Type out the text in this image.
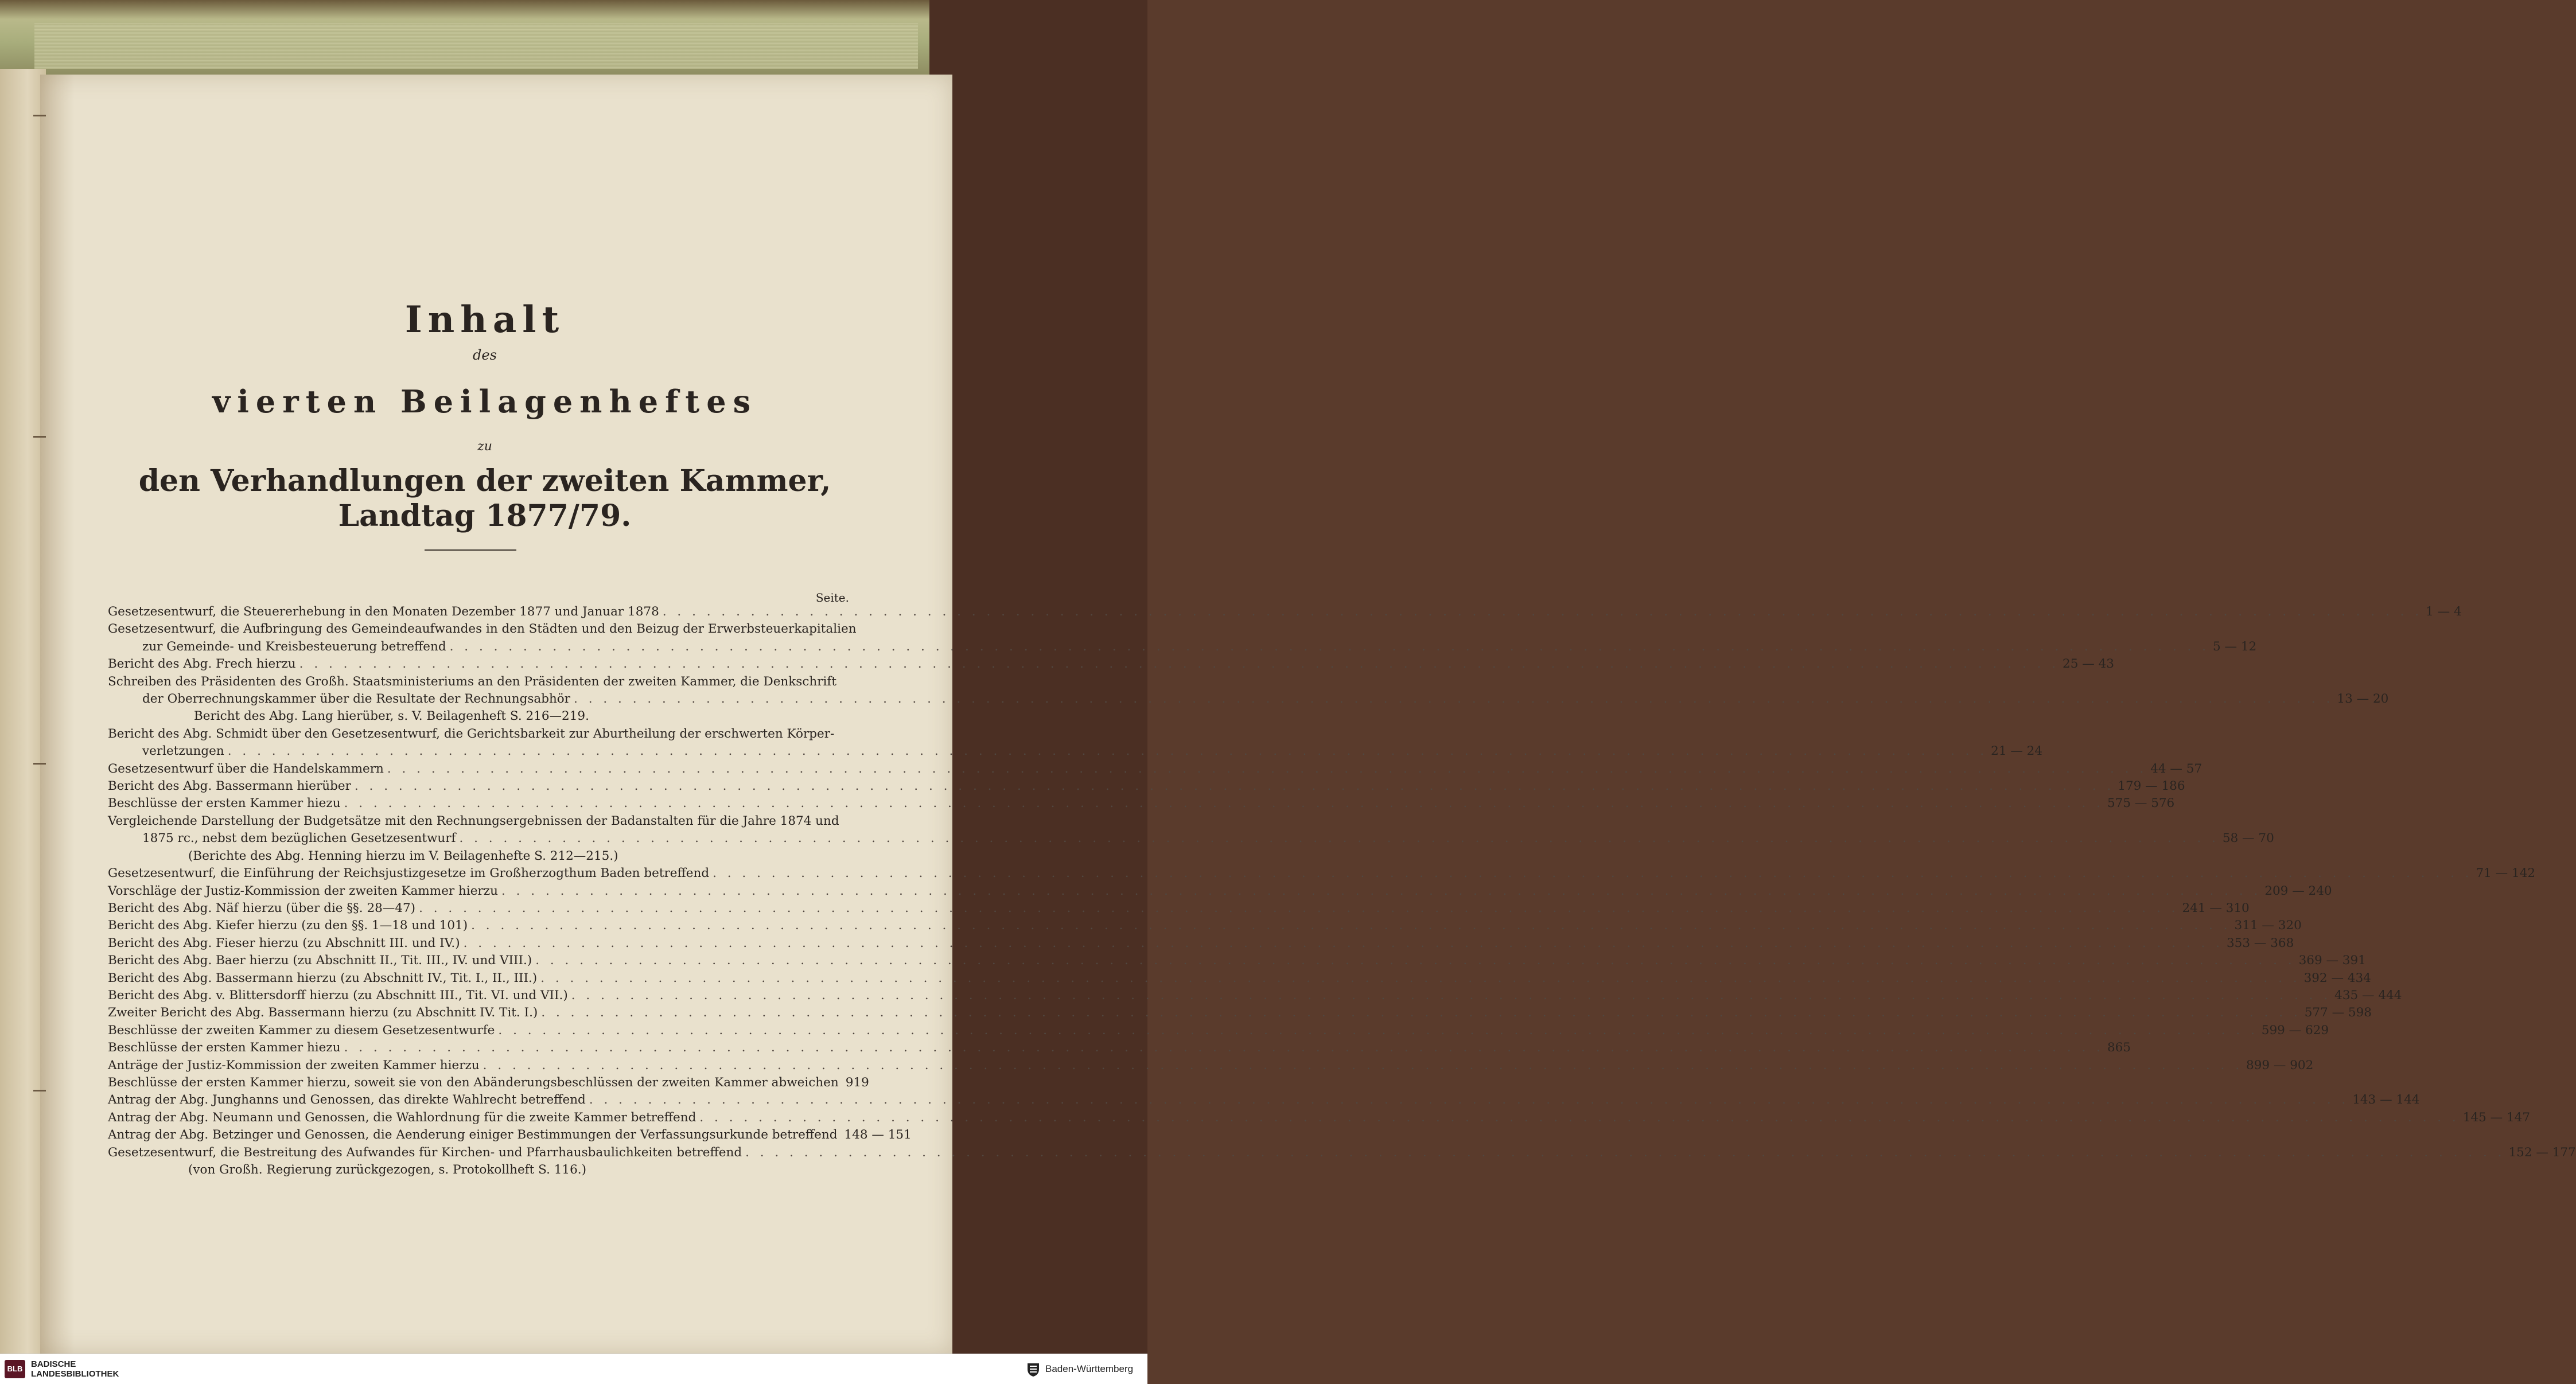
Inhalt
des
vierten Beilagenheftes
zu
den Verhandlungen der zweiten Kammer, Landtag 1877/79.
Seite.
Gesetzesentwurf, die Steuererhebung in den Monaten Dezember 1877 und Januar 1878 . . . . . . . . . . . . . . . . . . . . . . . . . . . . . . . . . . . . . . . . . . . . . . . . . . . . . . . . . . . . . . . . . . . . . . . . . . . . . . . . . . . . . . . . . . . . . . . . . . . . . . . . . . . . . . . . . . . . . . . . 1 — 4
Gesetzesentwurf, die Aufbringung des Gemeindeaufwandes in den Städten und den Beizug der Erwerbsteuerkapitalien
zur Gemeinde- und Kreisbesteuerung betreffend . . . . . . . . . . . . . . . . . . . . . . . . . . . . . . . . . . . . . . . . . . . . . . . . . . . . . . . . . . . . . . . . . . . . . . . . . . . . . . . . . . . . . . . . . . . . . . . . . . . . . . . . . . . . . . . . . . . . . . . . 5 — 12
Bericht des Abg. Frech hierzu . . . . . . . . . . . . . . . . . . . . . . . . . . . . . . . . . . . . . . . . . . . . . . . . . . . . . . . . . . . . . . . . . . . . . . . . . . . . . . . . . . . . . . . . . . . . . . . . . . . . . . . . . . . . . . . . . . . . . . . . 25 — 43
Schreiben des Präsidenten des Großh. Staatsministeriums an den Präsidenten der zweiten Kammer, die Denkschrift
der Oberrechnungskammer über die Resultate der Rechnungsabhör . . . . . . . . . . . . . . . . . . . . . . . . . . . . . . . . . . . . . . . . . . . . . . . . . . . . . . . . . . . . . . . . . . . . . . . . . . . . . . . . . . . . . . . . . . . . . . . . . . . . . . . . . . . . . . . . . . . . . . . . 13 — 20
Bericht des Abg. Lang hierüber, s. V. Beilagenheft S. 216—219.
Bericht des Abg. Schmidt über den Gesetzesentwurf, die Gerichtsbarkeit zur Aburtheilung der erschwerten Körper-
verletzungen . . . . . . . . . . . . . . . . . . . . . . . . . . . . . . . . . . . . . . . . . . . . . . . . . . . . . . . . . . . . . . . . . . . . . . . . . . . . . . . . . . . . . . . . . . . . . . . . . . . . . . . . . . . . . . . . . . . . . . . . 21 — 24
Gesetzesentwurf über die Handelskammern . . . . . . . . . . . . . . . . . . . . . . . . . . . . . . . . . . . . . . . . . . . . . . . . . . . . . . . . . . . . . . . . . . . . . . . . . . . . . . . . . . . . . . . . . . . . . . . . . . . . . . . . . . . . . . . . . . . . . . . . 44 — 57
Bericht des Abg. Bassermann hierüber . . . . . . . . . . . . . . . . . . . . . . . . . . . . . . . . . . . . . . . . . . . . . . . . . . . . . . . . . . . . . . . . . . . . . . . . . . . . . . . . . . . . . . . . . . . . . . . . . . . . . . . . . . . . . . . . . . . . . . . . 179 — 186
Beschlüsse der ersten Kammer hiezu . . . . . . . . . . . . . . . . . . . . . . . . . . . . . . . . . . . . . . . . . . . . . . . . . . . . . . . . . . . . . . . . . . . . . . . . . . . . . . . . . . . . . . . . . . . . . . . . . . . . . . . . . . . . . . . . . . . . . . . . 575 — 576
Vergleichende Darstellung der Budgetsätze mit den Rechnungsergebnissen der Badanstalten für die Jahre 1874 und
1875 rc., nebst dem bezüglichen Gesetzesentwurf . . . . . . . . . . . . . . . . . . . . . . . . . . . . . . . . . . . . . . . . . . . . . . . . . . . . . . . . . . . . . . . . . . . . . . . . . . . . . . . . . . . . . . . . . . . . . . . . . . . . . . . . . . . . . . . . . . . . . . . . 58 — 70
(Berichte des Abg. Henning hierzu im V. Beilagenhefte S. 212—215.)
Gesetzesentwurf, die Einführung der Reichsjustizgesetze im Großherzogthum Baden betreffend . . . . . . . . . . . . . . . . . . . . . . . . . . . . . . . . . . . . . . . . . . . . . . . . . . . . . . . . . . . . . . . . . . . . . . . . . . . . . . . . . . . . . . . . . . . . . . . . . . . . . . . . . . . . . . . . . . . . . . . . 71 — 142
Vorschläge der Justiz-Kommission der zweiten Kammer hierzu . . . . . . . . . . . . . . . . . . . . . . . . . . . . . . . . . . . . . . . . . . . . . . . . . . . . . . . . . . . . . . . . . . . . . . . . . . . . . . . . . . . . . . . . . . . . . . . . . . . . . . . . . . . . . . . . . . . . . . . . 209 — 240
Bericht des Abg. Näf hierzu (über die §§. 28—47) . . . . . . . . . . . . . . . . . . . . . . . . . . . . . . . . . . . . . . . . . . . . . . . . . . . . . . . . . . . . . . . . . . . . . . . . . . . . . . . . . . . . . . . . . . . . . . . . . . . . . . . . . . . . . . . . . . . . . . . . 241 — 310
Bericht des Abg. Kiefer hierzu (zu den §§. 1—18 und 101) . . . . . . . . . . . . . . . . . . . . . . . . . . . . . . . . . . . . . . . . . . . . . . . . . . . . . . . . . . . . . . . . . . . . . . . . . . . . . . . . . . . . . . . . . . . . . . . . . . . . . . . . . . . . . . . . . . . . . . . . 311 — 320
Bericht des Abg. Fieser hierzu (zu Abschnitt III. und IV.) . . . . . . . . . . . . . . . . . . . . . . . . . . . . . . . . . . . . . . . . . . . . . . . . . . . . . . . . . . . . . . . . . . . . . . . . . . . . . . . . . . . . . . . . . . . . . . . . . . . . . . . . . . . . . . . . . . . . . . . . 353 — 368
Bericht des Abg. Baer hierzu (zu Abschnitt II., Tit. III., IV. und VIII.) . . . . . . . . . . . . . . . . . . . . . . . . . . . . . . . . . . . . . . . . . . . . . . . . . . . . . . . . . . . . . . . . . . . . . . . . . . . . . . . . . . . . . . . . . . . . . . . . . . . . . . . . . . . . . . . . . . . . . . . . 369 — 391
Bericht des Abg. Bassermann hierzu (zu Abschnitt IV., Tit. I., II., III.) . . . . . . . . . . . . . . . . . . . . . . . . . . . . . . . . . . . . . . . . . . . . . . . . . . . . . . . . . . . . . . . . . . . . . . . . . . . . . . . . . . . . . . . . . . . . . . . . . . . . . . . . . . . . . . . . . . . . . . . . 392 — 434
Bericht des Abg. v. Blittersdorff hierzu (zu Abschnitt III., Tit. VI. und VII.) . . . . . . . . . . . . . . . . . . . . . . . . . . . . . . . . . . . . . . . . . . . . . . . . . . . . . . . . . . . . . . . . . . . . . . . . . . . . . . . . . . . . . . . . . . . . . . . . . . . . . . . . . . . . . . . . . . . . . . . . 435 — 444
Zweiter Bericht des Abg. Bassermann hierzu (zu Abschnitt IV. Tit. I.) . . . . . . . . . . . . . . . . . . . . . . . . . . . . . . . . . . . . . . . . . . . . . . . . . . . . . . . . . . . . . . . . . . . . . . . . . . . . . . . . . . . . . . . . . . . . . . . . . . . . . . . . . . . . . . . . . . . . . . . . 577 — 598
Beschlüsse der zweiten Kammer zu diesem Gesetzesentwurfe . . . . . . . . . . . . . . . . . . . . . . . . . . . . . . . . . . . . . . . . . . . . . . . . . . . . . . . . . . . . . . . . . . . . . . . . . . . . . . . . . . . . . . . . . . . . . . . . . . . . . . . . . . . . . . . . . . . . . . . . 599 — 629
Beschlüsse der ersten Kammer hiezu . . . . . . . . . . . . . . . . . . . . . . . . . . . . . . . . . . . . . . . . . . . . . . . . . . . . . . . . . . . . . . . . . . . . . . . . . . . . . . . . . . . . . . . . . . . . . . . . . . . . . . . . . . . . . . . . . . . . . . . . 865
Anträge der Justiz-Kommission der zweiten Kammer hierzu . . . . . . . . . . . . . . . . . . . . . . . . . . . . . . . . . . . . . . . . . . . . . . . . . . . . . . . . . . . . . . . . . . . . . . . . . . . . . . . . . . . . . . . . . . . . . . . . . . . . . . . . . . . . . . . . . . . . . . . . 899 — 902
Beschlüsse der ersten Kammer hierzu, soweit sie von den Abänderungsbeschlüssen der zweiten Kammer abweichen 919
Antrag der Abg. Junghanns und Genossen, das direkte Wahlrecht betreffend . . . . . . . . . . . . . . . . . . . . . . . . . . . . . . . . . . . . . . . . . . . . . . . . . . . . . . . . . . . . . . . . . . . . . . . . . . . . . . . . . . . . . . . . . . . . . . . . . . . . . . . . . . . . . . . . . . . . . . . . 143 — 144
Antrag der Abg. Neumann und Genossen, die Wahlordnung für die zweite Kammer betreffend . . . . . . . . . . . . . . . . . . . . . . . . . . . . . . . . . . . . . . . . . . . . . . . . . . . . . . . . . . . . . . . . . . . . . . . . . . . . . . . . . . . . . . . . . . . . . . . . . . . . . . . . . . . . . . . . . . . . . . . . 145 — 147
Antrag der Abg. Betzinger und Genossen, die Aenderung einiger Bestimmungen der Verfassungsurkunde betreffend 148 — 151
Gesetzesentwurf, die Bestreitung des Aufwandes für Kirchen- und Pfarrhausbaulichkeiten betreffend . . . . . . . . . . . . . . . . . . . . . . . . . . . . . . . . . . . . . . . . . . . . . . . . . . . . . . . . . . . . . . . . . . . . . . . . . . . . . . . . . . . . . . . . . . . . . . . . . . . . . . . . . . . . . . . . . . . . . . . . 152 — 177
(von Großh. Regierung zurückgezogen, s. Protokollheft S. 116.)
BLB BADISCHE
LANDESBIBLIOTHEK	Baden-Württemberg
